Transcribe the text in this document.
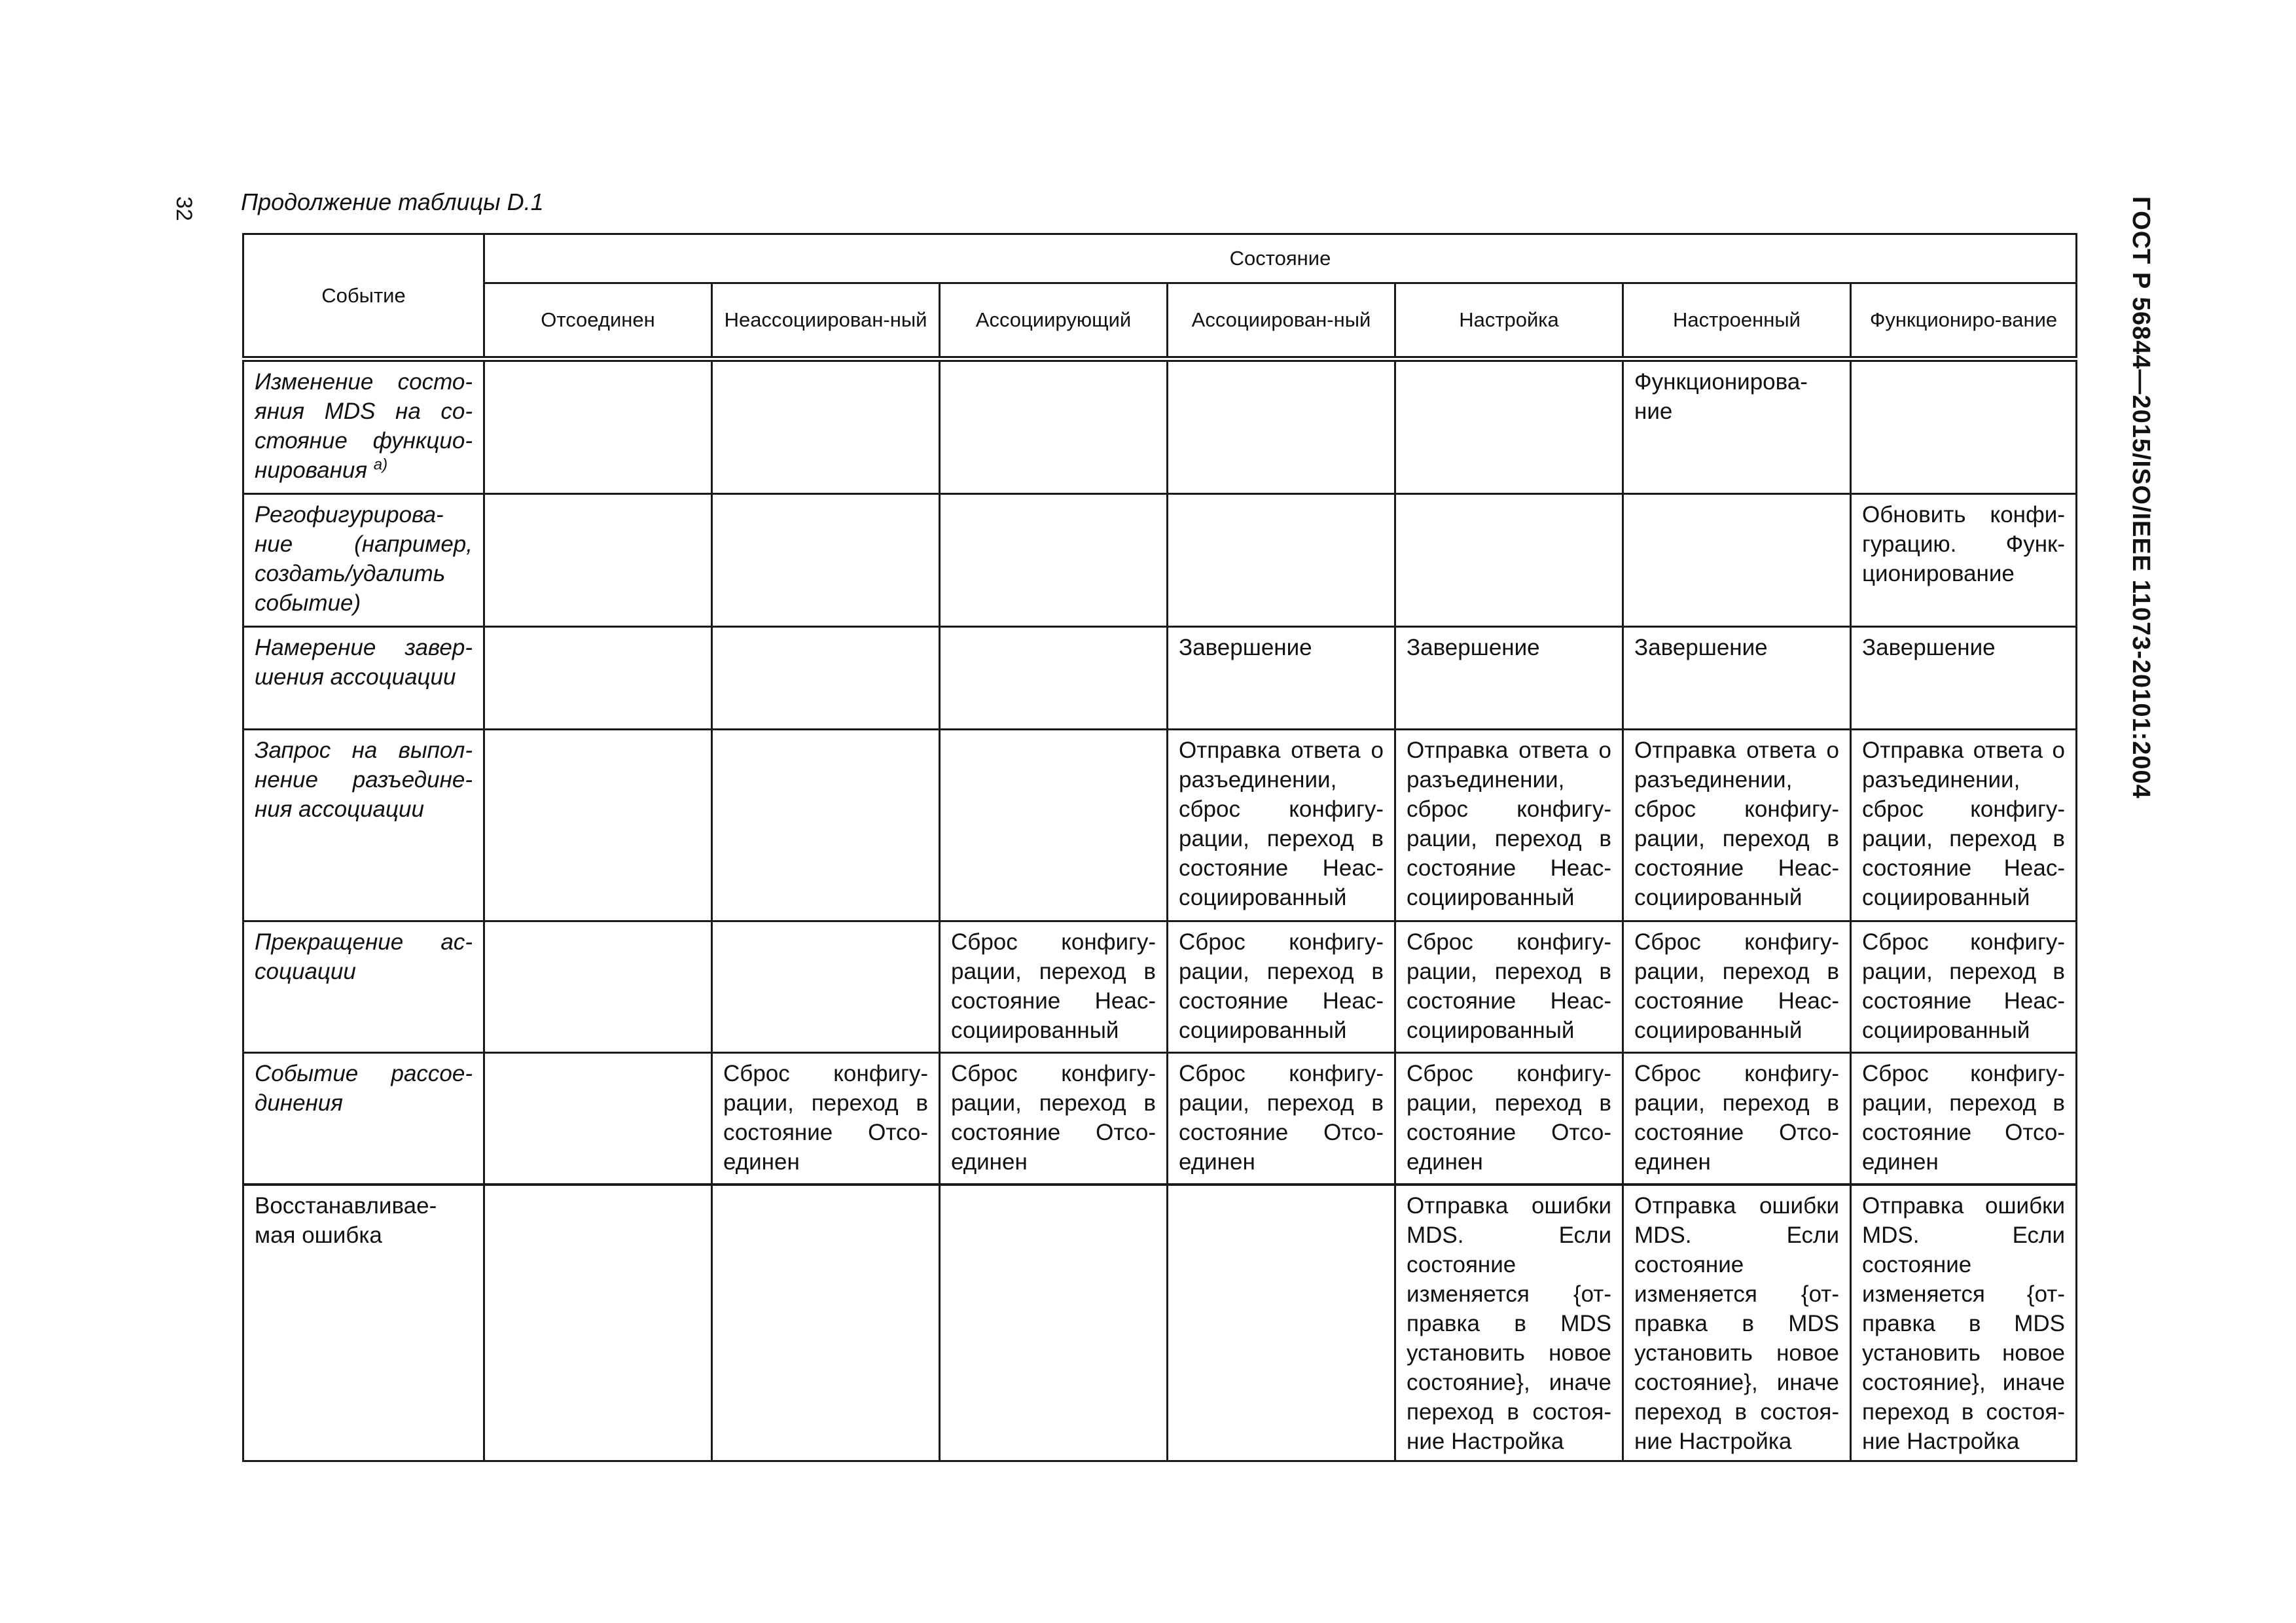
32 Продолжение таблицы D.1	ГОСТ Р 56844—2015/ISO/IEEE 11073-20101:2004
Событие	Состояние						
	Отсоединен	Неассоциирован-ный	Ассоциирующий	Ассоциирован-ный	Настройка	Настроенный	Функциониро-вание
Изменение состо-яния MDS на со-стояние функцио-нирования $^{a)}$						Функционирова-ние	
Регофигурирова-ние (например, создать/удалить событие)							Обновить конфи-гурацию. Функ-ционирование
Намерение завер-шения ассоциации				Завершение	Завершение	Завершение	Завершение
Запрос на выпол-нение разъедине-ния ассоциации				Отправка ответа о разъединении, сброс конфигу-рации, переход в состояние Неас-социированный	Отправка ответа о разъединении, сброс конфигу-рации, переход в состояние Неас-социированный	Отправка ответа о разъединении, сброс конфигу-рации, переход в состояние Неас-социированный	Отправка ответа о разъединении, сброс конфигу-рации, переход в состояние Неас-социированный
Прекращение ас-социации			Сброс конфигу-рации, переход в состояние Неас-социированный	Сброс конфигу-рации, переход в состояние Неас-социированный	Сброс конфигу-рации, переход в состояние Неас-социированный	Сброс конфигу-рации, переход в состояние Неас-социированный	Сброс конфигу-рации, переход в состояние Неас-социированный
Событие рассое-динения		Сброс конфигу-рации, переход в состояние Отсо-единен	Сброс конфигу-рации, переход в состояние Отсо-единен	Сброс конфигу-рации, переход в состояние Отсо-единен	Сброс конфигу-рации, переход в состояние Отсо-единен	Сброс конфигу-рации, переход в состояние Отсо-единен	Сброс конфигу-рации, переход в состояние Отсо-единен
Восстанавливае-мая ошибка					Отправка ошибки MDS. Если состояние изменяется {от-правка в MDS установить новое состояние}, иначе переход в состоя-ние Настройка	Отправка ошибки MDS. Если состояние изменяется {от-правка в MDS установить новое состояние}, иначе переход в состоя-ние Настройка	Отправка ошибки MDS. Если состояние изменяется {от-правка в MDS установить новое состояние}, иначе переход в состоя-ние Настройка
